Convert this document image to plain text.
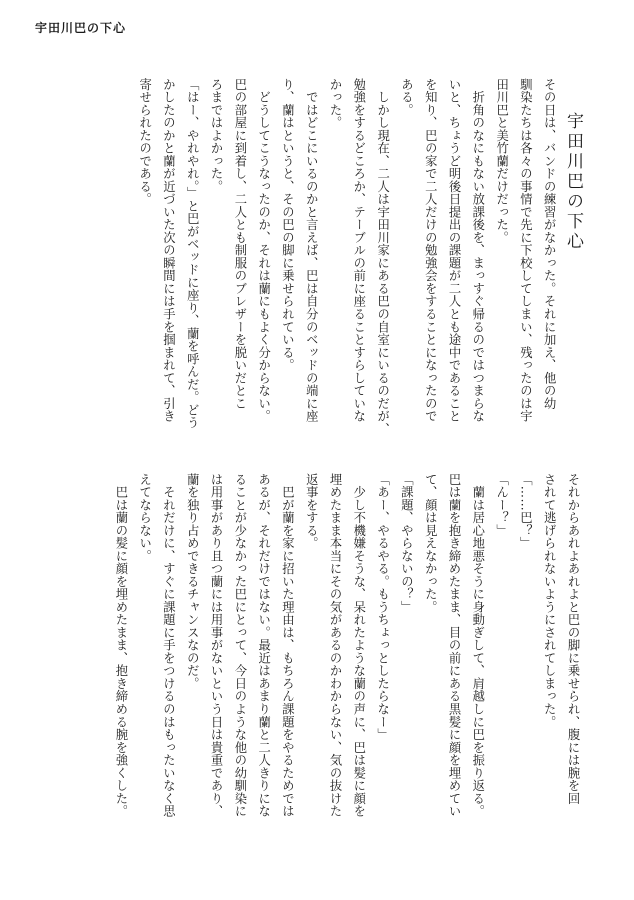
宇田川巴の下心

宇田川巴の下心

その日は、バンドの練習がなかった。それに加え、他の幼

馴染たちは各々の事情で先に下校してしまい、残ったのは宇

田川巴と美竹蘭だけだった。

　折角のなにもない放課後を、まっすぐ帰るのではつまらな

いと、ちょうど明後日提出の課題が二人とも途中であること

を知り、巴の家で二人だけの勉強会をすることになったので

ある。

　しかし現在、二人は宇田川家にある巴の自室にいるのだが、

勉強をするどころか、テーブルの前に座ることすらしていな

かった。

　ではどこにいるのかと言えば、巴は自分のベッドの端に座

り、蘭はというと、その巴の脚に乗せられている。

　どうしてこうなったのか、それは蘭にもよく分からない。

巴の部屋に到着し、二人とも制服のブレザーを脱いだとこ

ろまではよかった。

「はー、やれやれ。」と巴がベッドに座り、蘭を呼んだ。どう

かしたのかと蘭が近づいた次の瞬間には手を掴まれて、引き

寄せられたのである。

それからあれよあれよと巴の脚に乗せられ、腹には腕を回

されて逃げられないようにされてしまった。

「……巴？」

「んー？」

　蘭は居心地悪そうに身動ぎして、肩越しに巴を振り返る。

巴は蘭を抱き締めたまま、目の前にある黒髪に顔を埋めてい

て、顔は見えなかった。

「課題、やらないの？」

「あー、やるやる。もうちょっとしたらなー」

　少し不機嫌そうな、呆れたような蘭の声に、巴は髪に顔を

埋めたまま本当にその気があるのかわからない、気の抜けた

返事をする。

　巴が蘭を家に招いた理由は、もちろん課題をやるためでは

あるが、それだけではない。最近はあまり蘭と二人きりにな

ることが少なかった巴にとって、今日のような他の幼馴染に

は用事があり且つ蘭には用事がないという日は貴重であり、

蘭を独り占めできるチャンスなのだ。

　それだけに、すぐに課題に手をつけるのはもったいなく思

えてならない。

　巴は蘭の髪に顔を埋めたまま、抱き締める腕を強くした。
